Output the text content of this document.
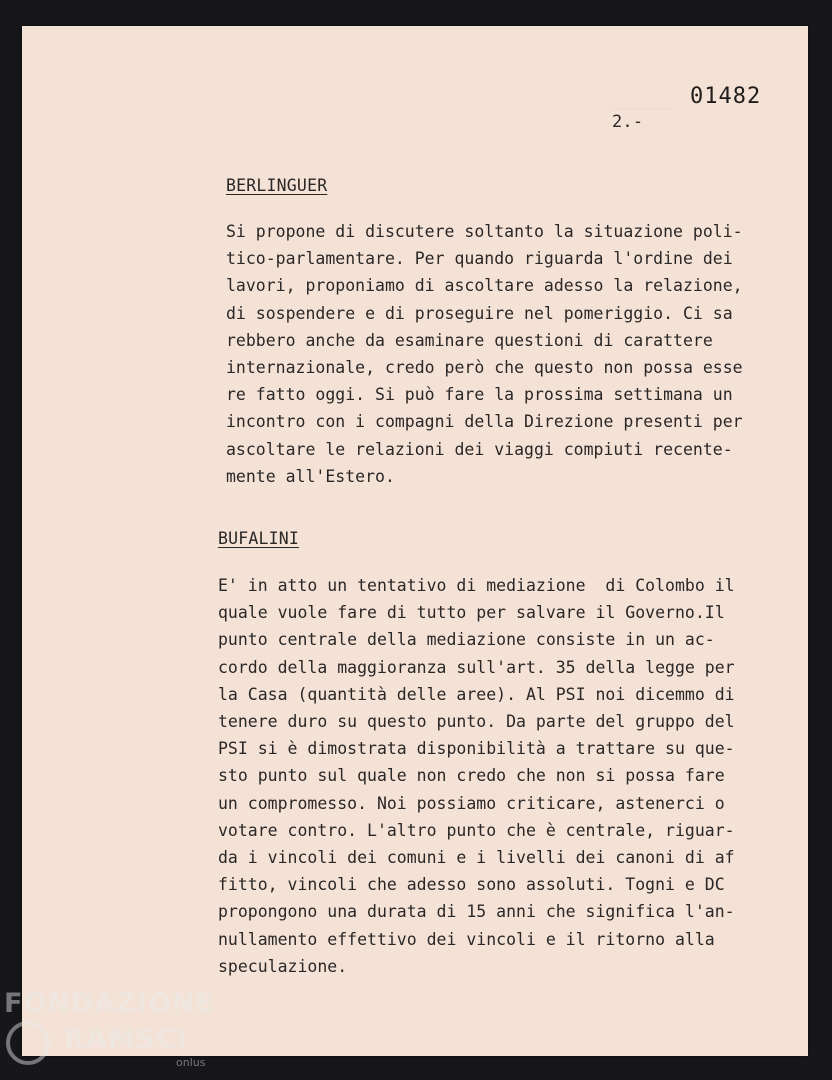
01482
2.-
BERLINGUER
Si propone di discutere soltanto la situazione poli-
tico-parlamentare. Per quando riguarda l'ordine dei
lavori, proponiamo di ascoltare adesso la relazione,
di sospendere e di proseguire nel pomeriggio. Ci sa
rebbero anche da esaminare questioni di carattere
internazionale, credo però che questo non possa esse
re fatto oggi. Si può fare la prossima settimana un
incontro con i compagni della Direzione presenti per
ascoltare le relazioni dei viaggi compiuti recente-
mente all'Estero.
BUFALINI
E' in atto un tentativo di mediazione  di Colombo il
quale vuole fare di tutto per salvare il Governo.Il
punto centrale della mediazione consiste in un ac-
cordo della maggioranza sull'art. 35 della legge per
la Casa (quantità delle aree). Al PSI noi dicemmo di
tenere duro su questo punto. Da parte del gruppo del
PSI si è dimostrata disponibilità a trattare su que-
sto punto sul quale non credo che non si possa fare
un compromesso. Noi possiamo criticare, astenerci o
votare contro. L'altro punto che è centrale, riguar-
da i vincoli dei comuni e i livelli dei canoni di af
fitto, vincoli che adesso sono assoluti. Togni e DC
propongono una durata di 15 anni che significa l'an-
nullamento effettivo dei vincoli e il ritorno alla
speculazione.
FONDAZIONE
RAMSCI
onlus
